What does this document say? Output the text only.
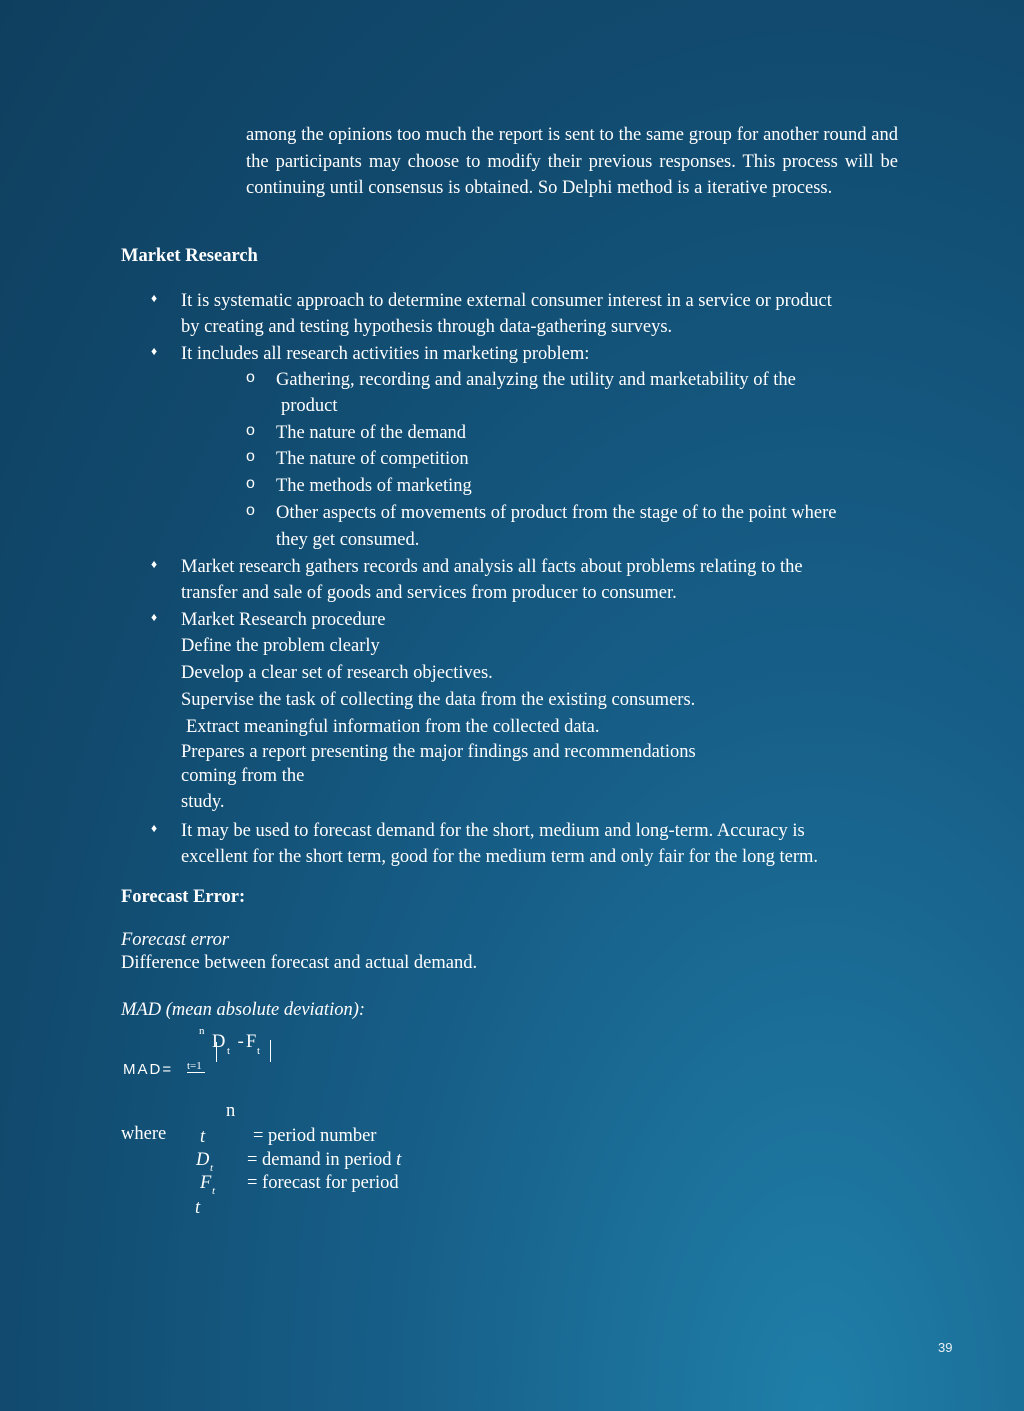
among the opinions too much the report is sent to the same group for another round and the participants may choose to modify their previous responses. This process will be continuing until consensus is obtained. So Delphi method is a iterative process.

Market Research
♦ It is systematic approach to determine external consumer interest in a service or product
by creating and testing hypothesis through data-gathering surveys.
♦ It includes all research activities in marketing problem:
o Gathering, recording and analyzing the utility and marketability of the
product
o The nature of the demand
o The nature of competition
o The methods of marketing
o Other aspects of movements of product from the stage of to the point where
they get consumed.
♦ Market research gathers records and analysis all facts about problems relating to the
transfer and sale of goods and services from producer to consumer.
♦ Market Research procedure
Define the problem clearly
Develop a clear set of research objectives.
Supervise the task of collecting the data from the existing consumers.
Extract meaningful information from the collected data.
Prepares a report presenting the major findings and recommendations
coming from the
study.
♦ It may be used to forecast demand for the short, medium and long-term. Accuracy is
excellent for the short term, good for the medium term and only fair for the long term.
Forecast Error:
Forecast error
Difference between forecast and actual demand.
MAD (mean absolute deviation):
n
D t -
F t
MAD= t=1
n
where t	= period number
D t = demand in period t
F t = forecast for period
t
39
